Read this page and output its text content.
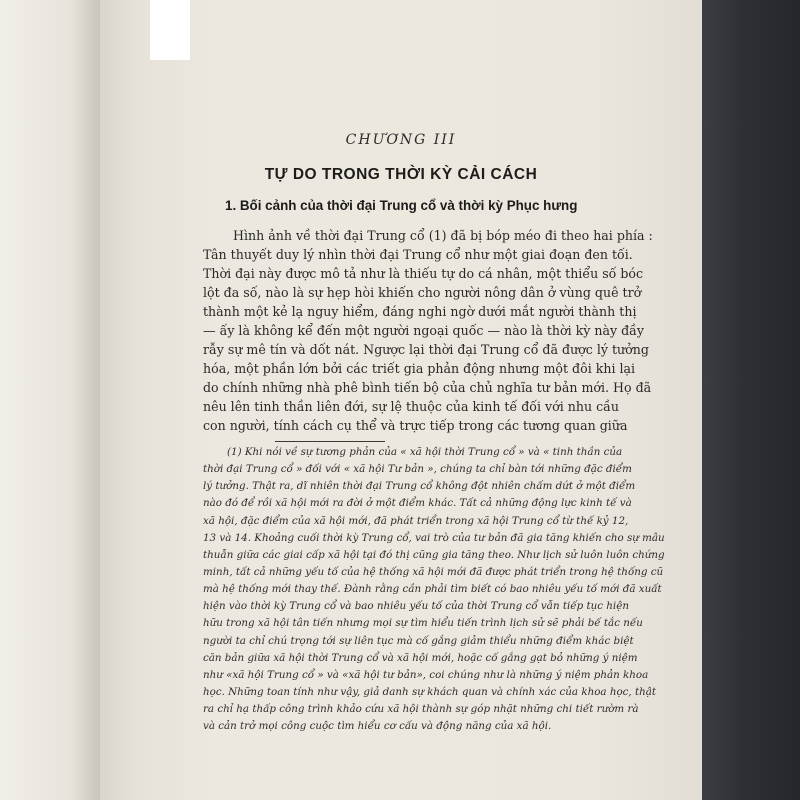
CHƯƠNG III
TỰ DO TRONG THỜI KỲ CẢI CÁCH
1. Bối cảnh của thời đại Trung cổ và thời kỳ Phục hưng
Hình ảnh về thời đại Trung cổ (1) đã bị bóp méo đi theo hai phía :
Tân thuyết duy lý nhìn thời đại Trung cổ như một giai đoạn đen tối.
Thời đại này được mô tả như là thiếu tự do cá nhân, một thiểu số bóc
lột đa số, nào là sự hẹp hòi khiến cho người nông dân ở vùng quê trở
thành một kẻ lạ nguy hiểm, đáng nghi ngờ dưới mắt người thành thị
— ấy là không kể đến một người ngoại quốc — nào là thời kỳ này đầy
rẫy sự mê tín và dốt nát. Ngược lại thời đại Trung cổ đã được lý tưởng
hóa, một phần lớn bởi các triết gia phản động nhưng một đôi khi lại
do chính những nhà phê bình tiến bộ của chủ nghĩa tư bản mới. Họ đã
nêu lên tinh thần liên đới, sự lệ thuộc của kinh tế đối với nhu cầu
con người, tính cách cụ thể và trực tiếp trong các tương quan giữa
(1) Khi nói về sự tương phản của « xã hội thời Trung cổ » và « tinh thần của
thời đại Trung cổ » đối với « xã hội Tư bản », chúng ta chỉ bàn tới những đặc điểm
lý tưởng. Thật ra, dĩ nhiên thời đại Trung cổ không đột nhiên chấm dứt ở một điểm
nào đó để rồi xã hội mới ra đời ở một điểm khác. Tất cả những động lực kinh tế và
xã hội, đặc điểm của xã hội mới, đã phát triển trong xã hội Trung cổ từ thế kỷ 12,
13 và 14. Khoảng cuối thời kỳ Trung cổ, vai trò của tư bản đã gia tăng khiến cho sự mâu
thuẫn giữa các giai cấp xã hội tại đó thị cũng gia tăng theo. Như lịch sử luôn luôn chứng
minh, tất cả những yếu tố của hệ thống xã hội mới đã được phát triển trong hệ thống cũ
mà hệ thống mới thay thế. Đành rằng cần phải tìm biết có bao nhiêu yếu tố mới đã xuất
hiện vào thời kỳ Trung cổ và bao nhiêu yếu tố của thời Trung cổ vẫn tiếp tục hiện
hữu trong xã hội tân tiến nhưng mọi sự tìm hiểu tiến trình lịch sử sẽ phải bế tắc nếu
người ta chỉ chú trọng tới sự liên tục mà cố gắng giảm thiểu những điểm khác biệt
căn bản giữa xã hội thời Trung cổ và xã hội mới, hoặc cố gắng gạt bỏ những ý niệm
như «xã hội Trung cổ » và «xã hội tư bản», coi chúng như là những ý niệm phản khoa
học. Những toan tính như vậy, giả danh sự khách quan và chính xác của khoa học, thật
ra chỉ hạ thấp công trình khảo cứu xã hội thành sự góp nhặt những chi tiết rườm rà
và cản trở mọi công cuộc tìm hiểu cơ cấu và động năng của xã hội.
